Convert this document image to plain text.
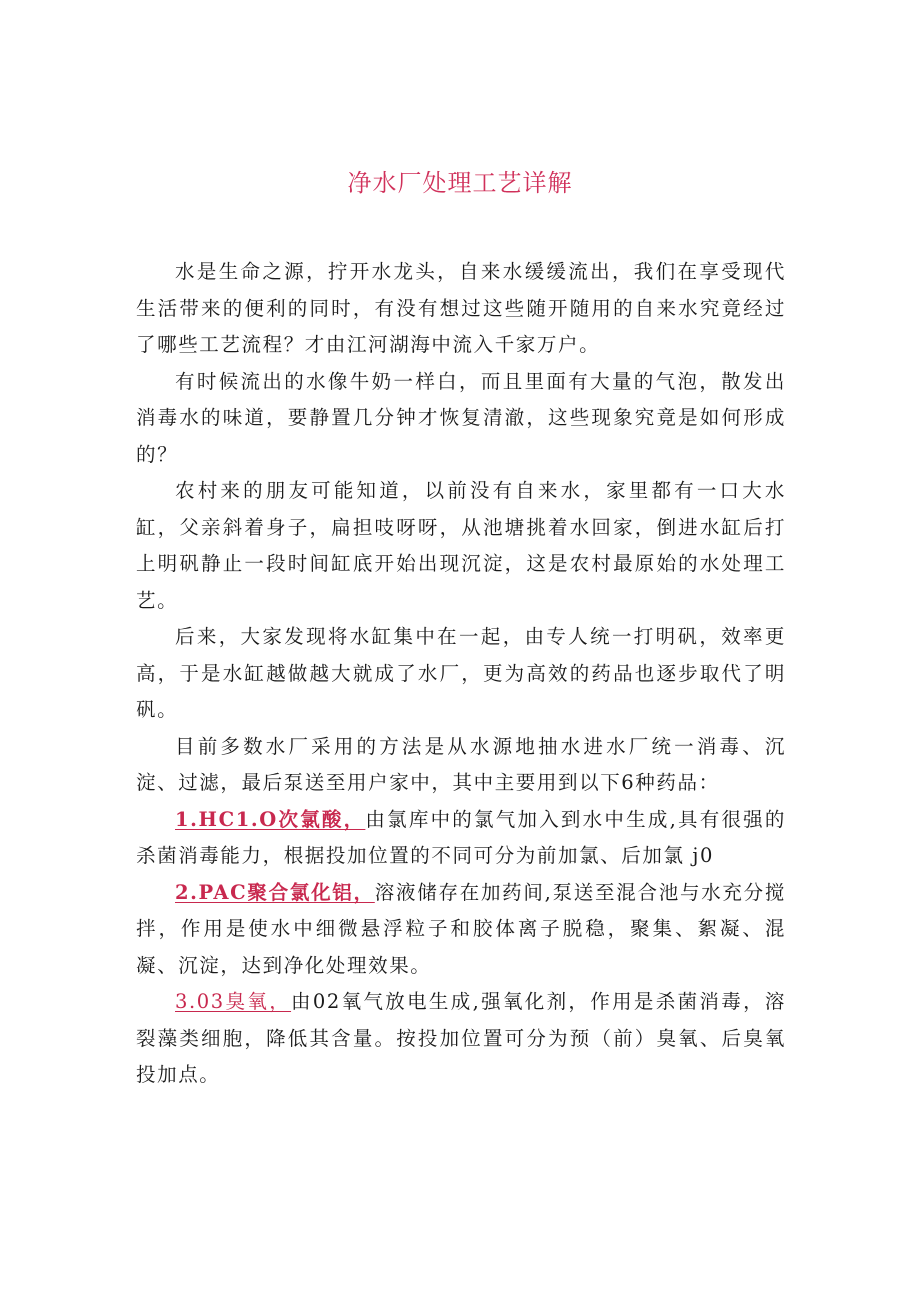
净水厂处理工艺详解

水是生命之源，拧开水龙头，自来水缓缓流出，我们在享受现代生活带来的便利的同时，有没有想过这些随开随用的自来水究竟经过了哪些工艺流程？才由江河湖海中流入千家万户。

有时候流出的水像牛奶一样白，而且里面有大量的气泡，散发出消毒水的味道，要静置几分钟才恢复清澈，这些现象究竟是如何形成的？

农村来的朋友可能知道，以前没有自来水，家里都有一口大水缸，父亲斜着身子，扁担吱呀呀，从池塘挑着水回家，倒进水缸后打上明矾静止一段时间缸底开始出现沉淀，这是农村最原始的水处理工艺。

后来，大家发现将水缸集中在一起，由专人统一打明矾，效率更高，于是水缸越做越大就成了水厂，更为高效的药品也逐步取代了明矾。

目前多数水厂采用的方法是从水源地抽水进水厂统一消毒、沉淀、过滤，最后泵送至用户家中，其中主要用到以下6种药品：

1.HC1.O次氯酸，由氯库中的氯气加入到水中生成,具有很强的杀菌消毒能力，根据投加位置的不同可分为前加氯、后加氯 j0

2.PAC聚合氯化铝，溶液储存在加药间,泵送至混合池与水充分搅拌，作用是使水中细微悬浮粒子和胶体离子脱稳，聚集、絮凝、混凝、沉淀，达到净化处理效果。

3.03臭氧，由02氧气放电生成,强氧化剂，作用是杀菌消毒，溶裂藻类细胞，降低其含量。按投加位置可分为预（前）臭氧、后臭氧投加点。
